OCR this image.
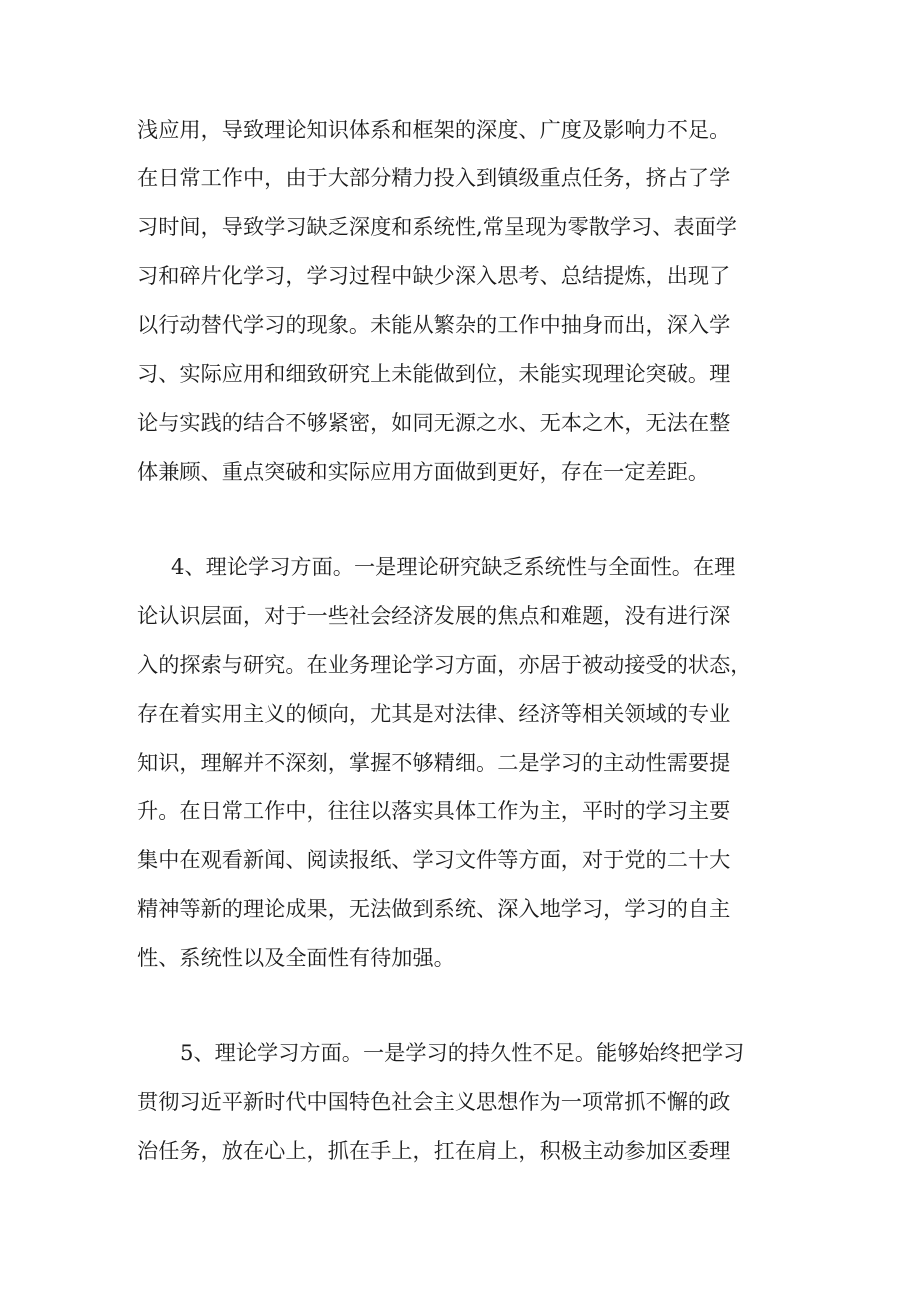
浅应用，导致理论知识体系和框架的深度、广度及影响力不足。
在日常工作中，由于大部分精力投入到镇级重点任务，挤占了学
习时间，导致学习缺乏深度和系统性,常呈现为零散学习、表面学
习和碎片化学习，学习过程中缺少深入思考、总结提炼，出现了
以行动替代学习的现象。未能从繁杂的工作中抽身而出，深入学
习、实际应用和细致研究上未能做到位，未能实现理论突破。理
论与实践的结合不够紧密，如同无源之水、无本之木，无法在整
体兼顾、重点突破和实际应用方面做到更好，存在一定差距。
4、理论学习方面。一是理论研究缺乏系统性与全面性。在理
论认识层面，对于一些社会经济发展的焦点和难题，没有进行深
入的探索与研究。在业务理论学习方面，亦居于被动接受的状态，
存在着实用主义的倾向，尤其是对法律、经济等相关领域的专业
知识，理解并不深刻，掌握不够精细。二是学习的主动性需要提
升。在日常工作中，往往以落实具体工作为主，平时的学习主要
集中在观看新闻、阅读报纸、学习文件等方面，对于党的二十大
精神等新的理论成果，无法做到系统、深入地学习，学习的自主
性、系统性以及全面性有待加强。
5、理论学习方面。一是学习的持久性不足。能够始终把学习
贯彻习近平新时代中国特色社会主义思想作为一项常抓不懈的政
治任务，放在心上，抓在手上，扛在肩上，积极主动参加区委理
